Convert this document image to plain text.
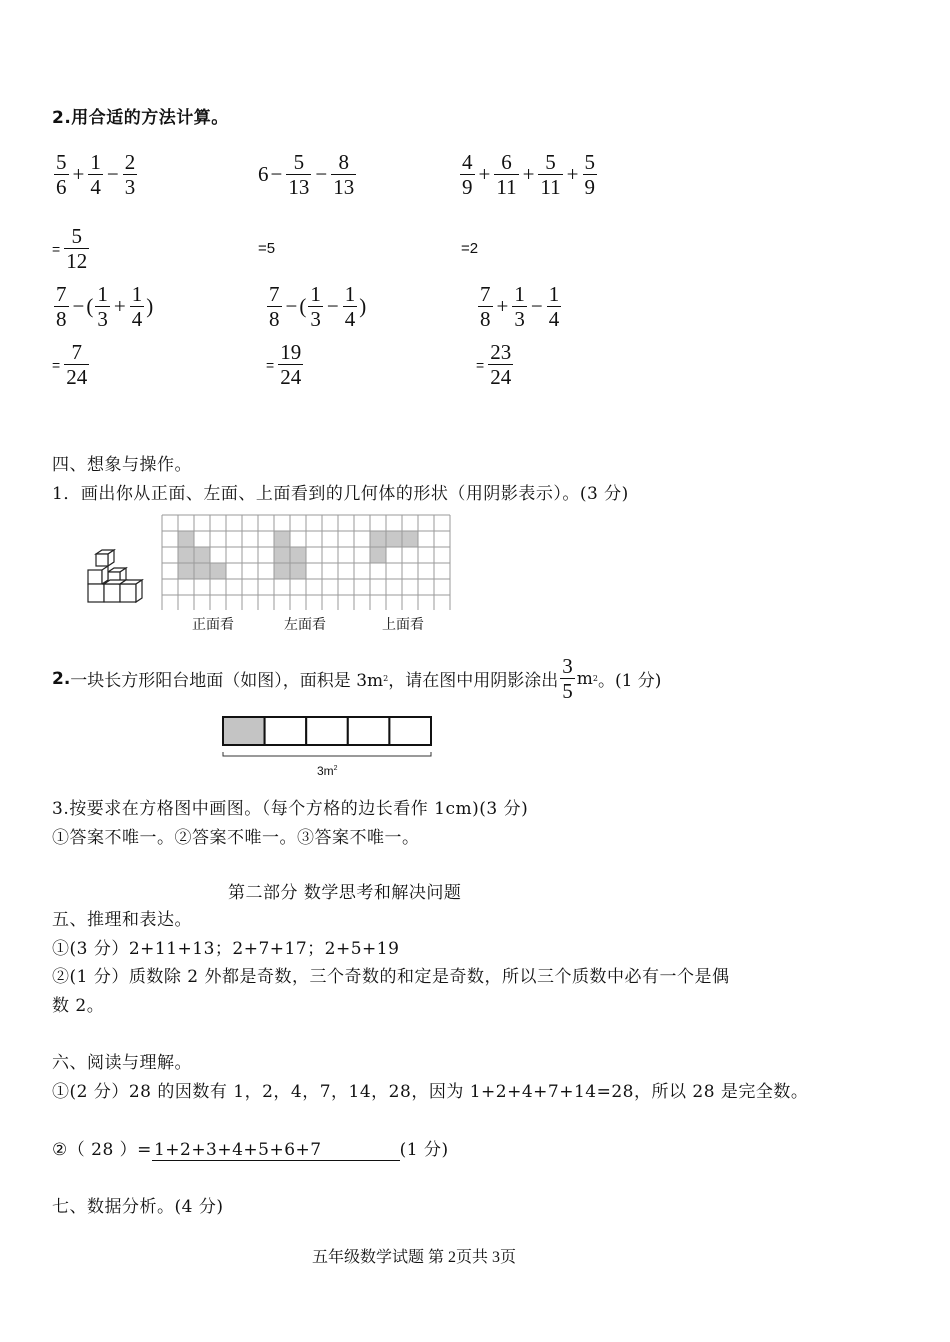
2.用合适的方法计算。
$\frac{5}{6} + \frac{1}{4} - \frac{2}{3}$	$6 - \frac{5}{13} - \frac{8}{13}$	$\frac{4}{9} + \frac{6}{11} + \frac{5}{11} + \frac{5}{9}$
= $\frac{5}{12}$	=5	=2
$\frac{7}{8}$ − ( $\frac{1}{3} + \frac{1}{4}$ )	$\frac{7}{8}$ − ( $\frac{1}{3} - \frac{1}{4}$ )	$\frac{7}{8} + \frac{1}{3} - \frac{1}{4}$
= $\frac{7}{24}$	= $\frac{19}{24}$	= $\frac{23}{24}$
四、想象与操作。
1．画出你从正面、左面、上面看到的几何体的形状（用阴影表示）。(3 分)
正面看	左面看	上面看
2. 一块长方形阳台地面（如图），面积是 3m 2 ，请在图中用阴影涂出 $\frac{3}{5}$ m 2 。(1 分)
$3m^2$
3.按要求在方格图中画图。（每个方格的边长看作 1cm)(3 分)
①答案不唯一。②答案不唯一。③答案不唯一。
第二部分 数学思考和解决问题
五、推理和表达。
①(3 分）2+11+13；2+7+17；2+5+19
②(1 分）质数除 2 外都是奇数，三个奇数的和定是奇数，所以三个质数中必有一个是偶
数 2。
六、阅读与理解。
①(2 分）28 的因数有 1，2，4，7，14，28，因为 1+2+4+7+14=28，所以 28 是完全数。
②（ 28 ）= 1+2+3+4+5+6+7	(1 分)
七、数据分析。(4 分)
五年级数学试题 第 2页共 3页
